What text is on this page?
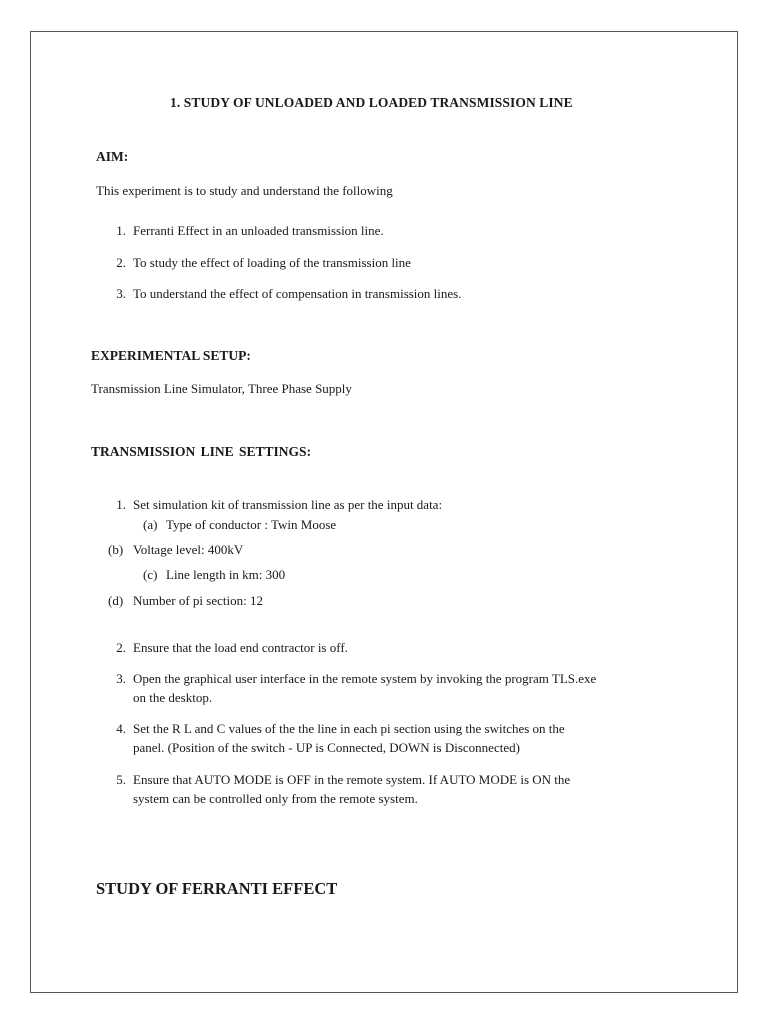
1. STUDY OF UNLOADED AND LOADED TRANSMISSION LINE
AIM:
This experiment is to study and understand the following
1. Ferranti Effect in an unloaded transmission line.
2. To study the effect of loading of the transmission line
3. To understand the effect of compensation in transmission lines.
EXPERIMENTAL SETUP:
Transmission Line Simulator, Three Phase Supply
TRANSMISSION LINE SETTINGS:
1. Set simulation kit of transmission line as per the input data:
(a) Type of conductor : Twin Moose
(b) Voltage level: 400kV
(c) Line length in km: 300
(d) Number of pi section: 12
2. Ensure that the load end contractor is off.
3. Open the graphical user interface in the remote system by invoking the program TLS.exe
on the desktop.
4. Set the R L and C values of the the line in each pi section using the switches on the
panel. (Position of the switch - UP is Connected, DOWN is Disconnected)
5. Ensure that AUTO MODE is OFF in the remote system. If AUTO MODE is ON the
system can be controlled only from the remote system.
STUDY OF FERRANTI EFFECT
